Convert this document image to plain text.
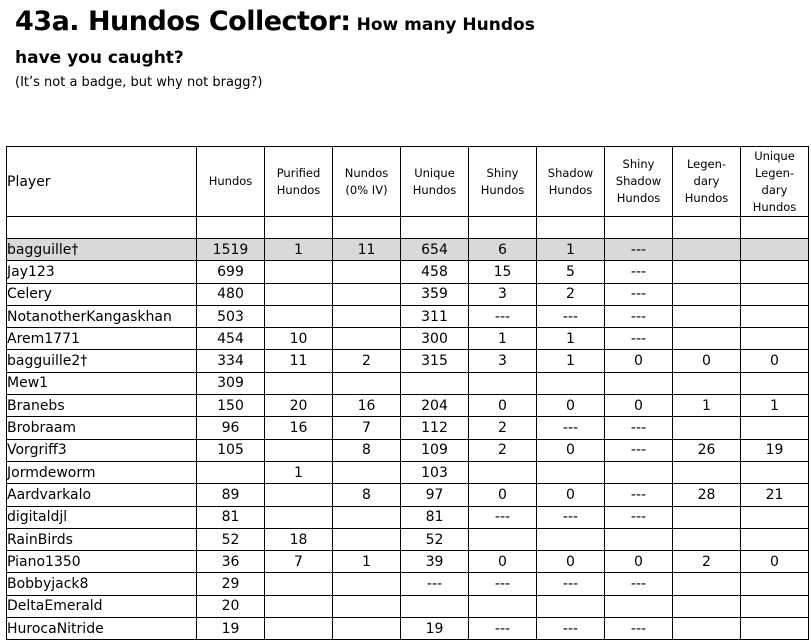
43a. Hundos Collector: How many Hundos
have you caught?
(It’s not a badge, but why not bragg?)
Player	Hundos	Purified Hundos	Nundos (0% IV)	Unique Hundos	Shiny Hundos	Shadow Hundos	Shiny Shadow Hundos	Legen- dary Hundos	Unique Legen- dary Hundos

bagguille†	1519	1	11	654	6	1	---		
Jay123	699			458	15	5	---		
Celery	480			359	3	2	---		
NotanotherKangaskhan	503			311	---	---	---		
Arem1771	454	10		300	1	1	---		
bagguille2†	334	11	2	315	3	1	0	0	0
Mew1	309								
Branebs	150	20	16	204	0	0	0	1	1
Brobraam	96	16	7	112	2	---	---		
Vorgriff3	105		8	109	2	0	---	26	19
Jormdeworm		1		103					
Aardvarkalo	89		8	97	0	0	---	28	21
digitaldjl	81			81	---	---	---		
RainBirds	52	18		52					
Piano1350	36	7	1	39	0	0	0	2	0
Bobbyjack8	29			---	---	---	---		
DeltaEmerald	20								
HurocaNitride	19			19	---	---	---		
